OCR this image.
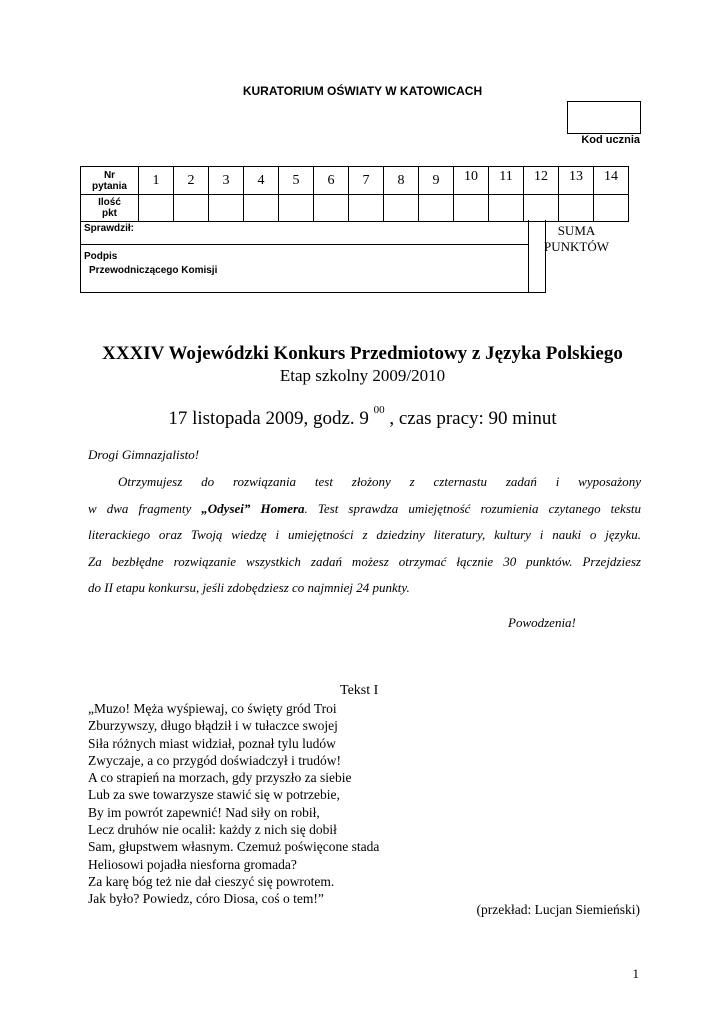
KURATORIUM OŚWIATY W KATOWICACH
Kod ucznia
Nr
pytania	1	2	3	4	5	6	7	8	9	10	11	12	13	14

Ilość
pkt														

Sprawdził:
Podpis
Przewodniczącego Komisji
SUMA
PUNKTÓW
XXXIV Wojewódzki Konkurs Przedmiotowy z Języka Polskiego
Etap szkolny 2009/2010
17 listopada 2009, godz. 9 $^{00}$ , czas pracy: 90 minut
Drogi Gimnazjalisto!
Otrzymujesz do rozwiązania test złożony z czternastu zadań i wyposażony
w dwa fragmenty „Odysei” Homera. Test sprawdza umiejętność rozumienia czytanego tekstu
literackiego oraz Twoją wiedzę i umiejętności z dziedziny literatury, kultury i nauki o języku.
Za bezbłędne rozwiązanie wszystkich zadań możesz otrzymać łącznie 30 punktów. Przejdziesz
do II etapu konkursu, jeśli zdobędziesz co najmniej 24 punkty.
Powodzenia!
Tekst I
„Muzo! Męża wyśpiewaj, co święty gród Troi
Zburzywszy, długo błądził i w tułaczce swojej
Siła różnych miast widział, poznał tylu ludów
Zwyczaje, a co przygód doświadczył i trudów!
A co strapień na morzach, gdy przyszło za siebie
Lub za swe towarzysze stawić się w potrzebie,
By im powrót zapewnić! Nad siły on robił,
Lecz druhów nie ocalił: każdy z nich się dobił
Sam, głupstwem własnym. Czemuż poświęcone stada
Heliosowi pojadła niesforna gromada?
Za karę bóg też nie dał cieszyć się powrotem.
Jak było? Powiedz, córo Diosa, coś o tem!”
(przekład: Lucjan Siemieński)
1
